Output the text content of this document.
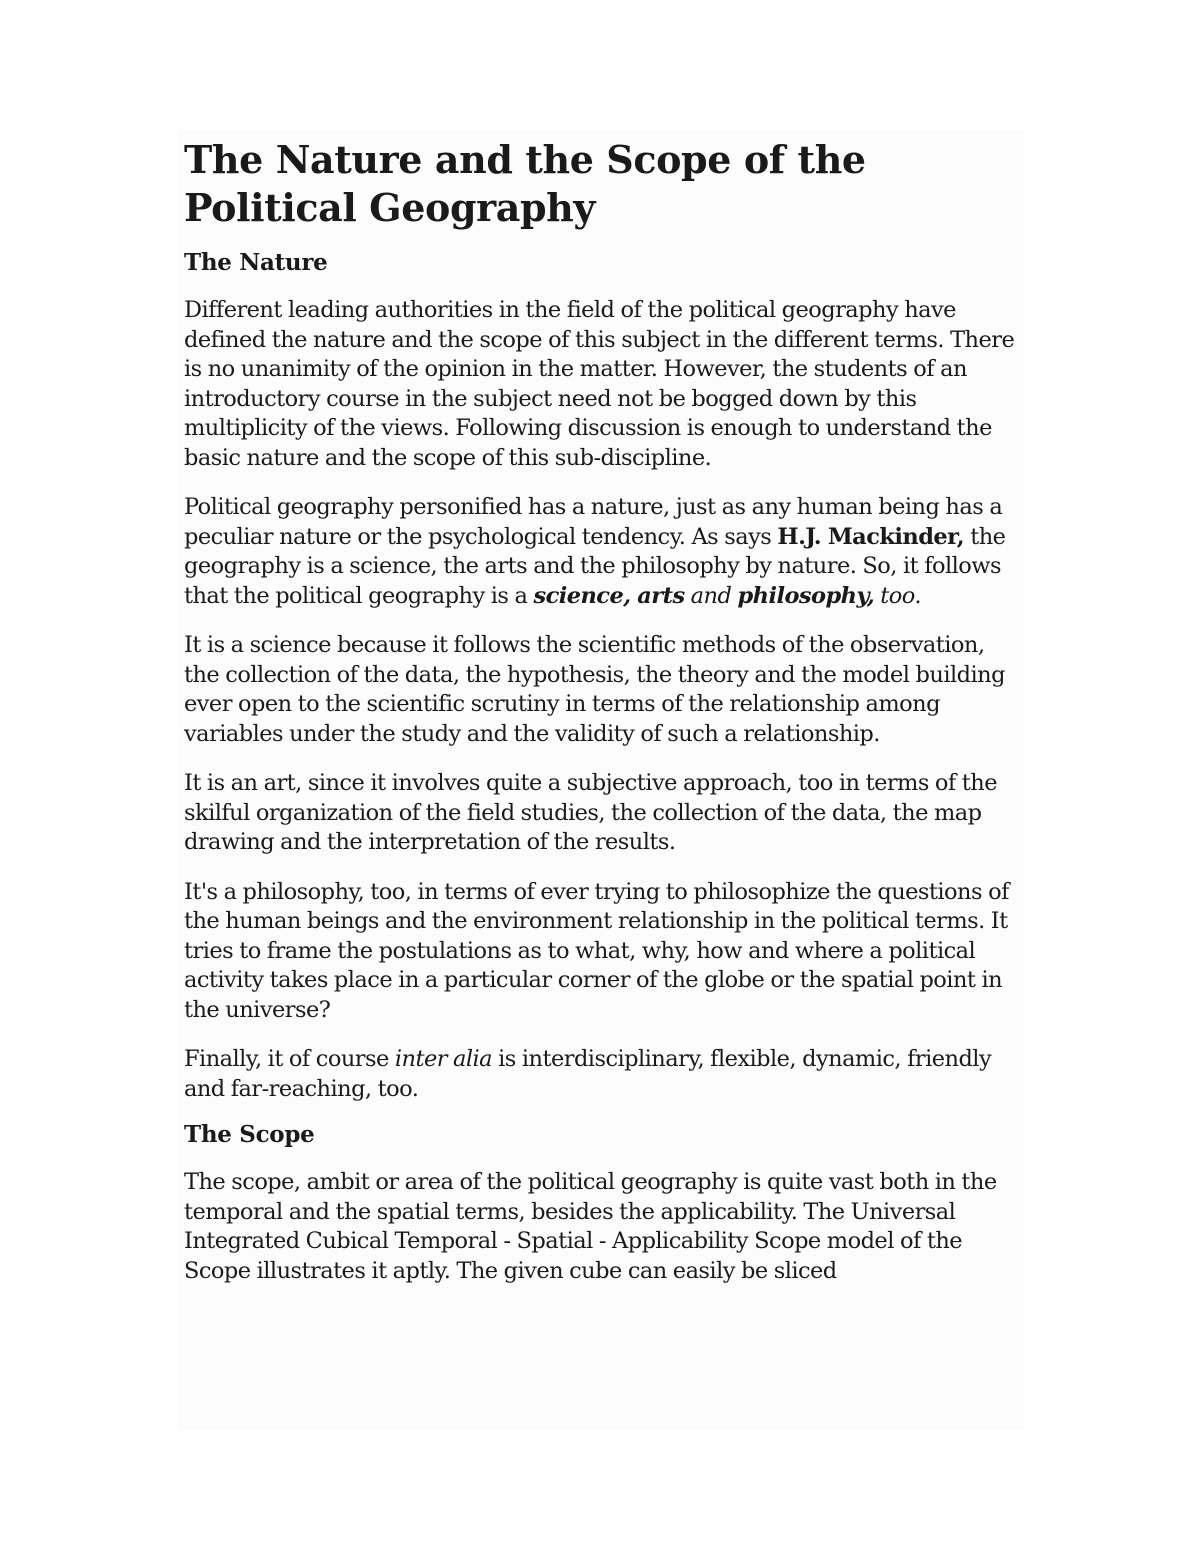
The Nature and the Scope of the Political Geography
The Nature

Different leading authorities in the field of the political geography have defined the nature and the scope of this subject in the different terms. There is no unanimity of the opinion in the matter. However, the students of an introductory course in the subject need not be bogged down by this multiplicity of the views. Following discussion is enough to understand the basic nature and the scope of this sub-discipline.

Political geography personified has a nature, just as any human being has a peculiar nature or the psychological tendency. As says H.J. Mackinder, the geography is a science, the arts and the philosophy by nature. So, it follows that the political geography is a science, arts and philosophy, too.

It is a science because it follows the scientific methods of the observation, the collection of the data, the hypothesis, the theory and the model building ever open to the scientific scrutiny in terms of the relationship among variables under the study and the validity of such a relationship.

It is an art, since it involves quite a subjective approach, too in terms of the skilful organization of the field studies, the collection of the data, the map drawing and the interpretation of the results.

It's a philosophy, too, in terms of ever trying to philosophize the questions of the human beings and the environment relationship in the political terms. It tries to frame the postulations as to what, why, how and where a political activity takes place in a particular corner of the globe or the spatial point in the universe?

Finally, it of course inter alia is interdisciplinary, flexible, dynamic, friendly and far-reaching, too.

The Scope

The scope, ambit or area of the political geography is quite vast both in the temporal and the spatial terms, besides the applicability. The Universal Integrated Cubical Temporal - Spatial - Applicability Scope model of the Scope illustrates it aptly. The given cube can easily be sliced
